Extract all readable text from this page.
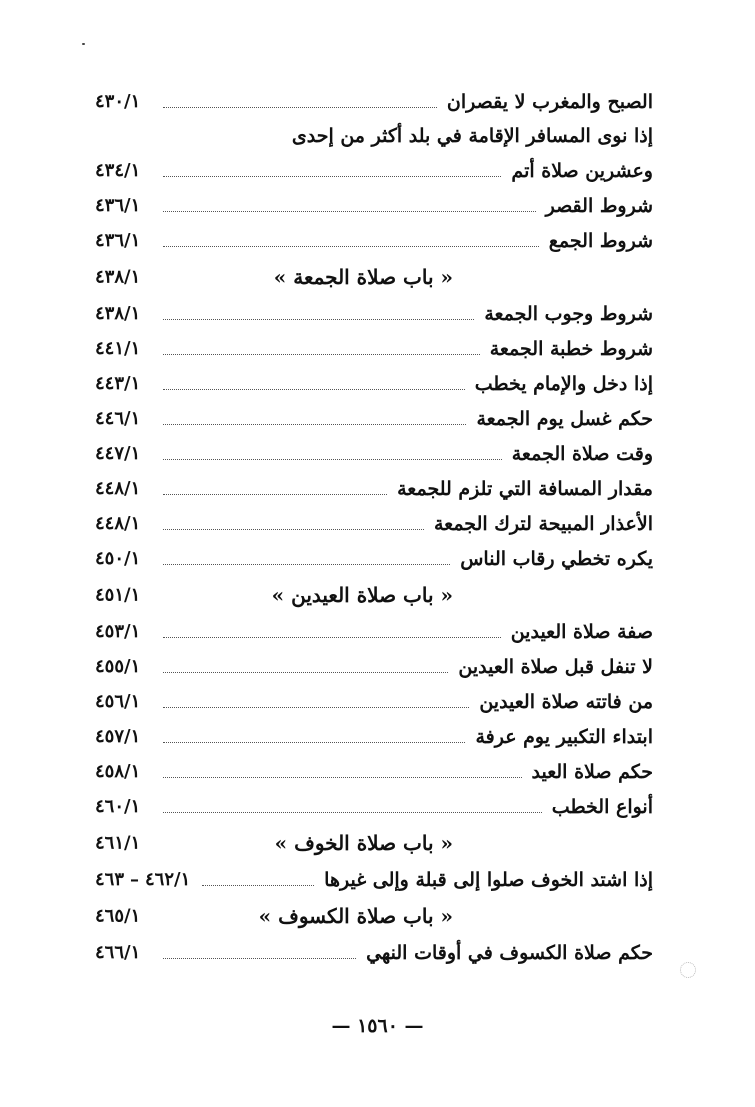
الصبح والمغرب لا يقصران
٤٣٠/١
إذا نوى المسافر الإقامة في بلد أكثر من إحدى
وعشرين صلاة أتم
٤٣٤/١
شروط القصر
٤٣٦/١
شروط الجمع
٤٣٦/١
« باب صلاة الجمعة »
٤٣٨/١
شروط وجوب الجمعة
٤٣٨/١
شروط خطبة الجمعة
٤٤١/١
إذا دخل والإمام يخطب
٤٤٣/١
حكم غسل يوم الجمعة
٤٤٦/١
وقت صلاة الجمعة
٤٤٧/١
مقدار المسافة التي تلزم للجمعة
٤٤٨/١
الأعذار المبيحة لترك الجمعة
٤٤٨/١
يكره تخطي رقاب الناس
٤٥٠/١
« باب صلاة العيدين »
٤٥١/١
صفة صلاة العيدين
٤٥٣/١
لا تنفل قبل صلاة العيدين
٤٥٥/١
من فاتته صلاة العيدين
٤٥٦/١
ابتداء التكبير يوم عرفة
٤٥٧/١
حكم صلاة العيد
٤٥٨/١
أنواع الخطب
٤٦٠/١
« باب صلاة الخوف »
٤٦١/١
إذا اشتد الخوف صلوا إلى قبلة وإلى غيرها
٤٦٢/١
–
٤٦٣
« باب صلاة الكسوف »
٤٦٥/١
حكم صلاة الكسوف في أوقات النهي
٤٦٦/١
— ١٥٦٠ —
